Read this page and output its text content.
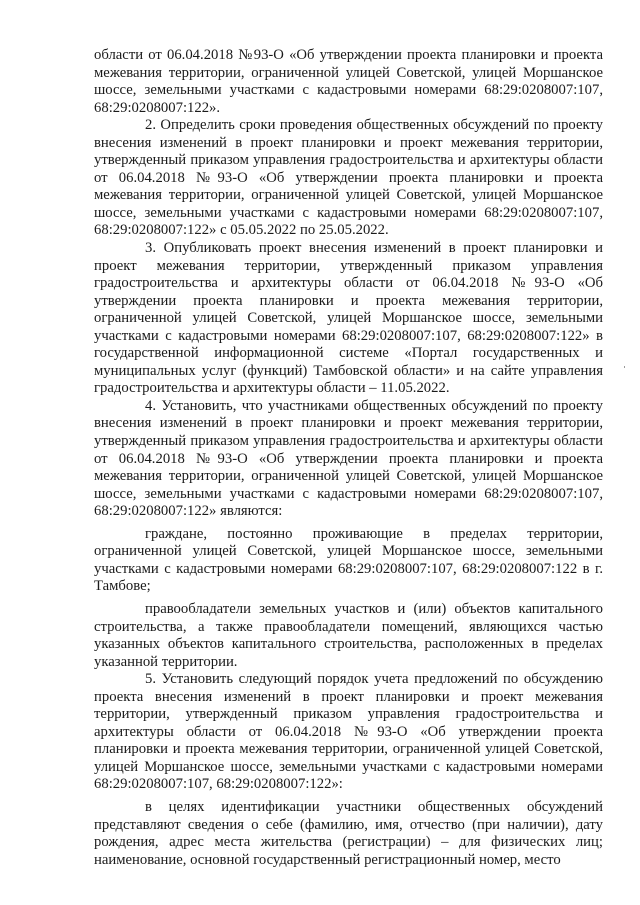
области от 06.04.2018 №93-О «Об утверждении проекта планировки и проекта межевания территории, ограниченной улицей Советской, улицей Моршанское шоссе, земельными участками с кадастровыми номерами 68:29:0208007:107, 68:29:0208007:122».

2. Определить сроки проведения общественных обсуждений по проекту внесения изменений в проект планировки и проект межевания территории, утвержденный приказом управления градостроительства и архитектуры области от 06.04.2018 №93-О «Об утверждении проекта планировки и проекта межевания территории, ограниченной улицей Советской, улицей Моршанское шоссе, земельными участками с кадастровыми номерами 68:29:0208007:107, 68:29:0208007:122» с 05.05.2022 по 25.05.2022.

3. Опубликовать проект внесения изменений в проект планировки и проект межевания территории, утвержденный приказом управления градостроительства и архитектуры области от 06.04.2018 №93-О «Об утверждении проекта планировки и проекта межевания территории, ограниченной улицей Советской, улицей Моршанское шоссе, земельными участками с кадастровыми номерами 68:29:0208007:107, 68:29:0208007:122» в государственной информационной системе «Портал государственных и муниципальных услуг (функций) Тамбовской области» и на сайте управления градостроительства и архитектуры области – 11.05.2022.

4. Установить, что участниками общественных обсуждений по проекту внесения изменений в проект планировки и проект межевания территории, утвержденный приказом управления градостроительства и архитектуры области от 06.04.2018 №93-О «Об утверждении проекта планировки и проекта межевания территории, ограниченной улицей Советской, улицей Моршанское шоссе, земельными участками с кадастровыми номерами 68:29:0208007:107, 68:29:0208007:122» являются:

граждане, постоянно проживающие в пределах территории, ограниченной улицей Советской, улицей Моршанское шоссе, земельными участками с кадастровыми номерами 68:29:0208007:107, 68:29:0208007:122 в г. Тамбове;

правообладатели земельных участков и (или) объектов капитального строительства, а также правообладатели помещений, являющихся частью указанных объектов капитального строительства, расположенных в пределах указанной территории.

5. Установить следующий порядок учета предложений по обсуждению проекта внесения изменений в проект планировки и проект межевания территории, утвержденный приказом управления градостроительства и архитектуры области от 06.04.2018 №93-О «Об утверждении проекта планировки и проекта межевания территории, ограниченной улицей Советской, улицей Моршанское шоссе, земельными участками с кадастровыми номерами 68:29:0208007:107, 68:29:0208007:122»:

в целях идентификации участники общественных обсуждений представляют сведения о себе (фамилию, имя, отчество (при наличии), дату рождения, адрес места жительства (регистрации) – для физических лиц; наименование, основной государственный регистрационный номер, место
